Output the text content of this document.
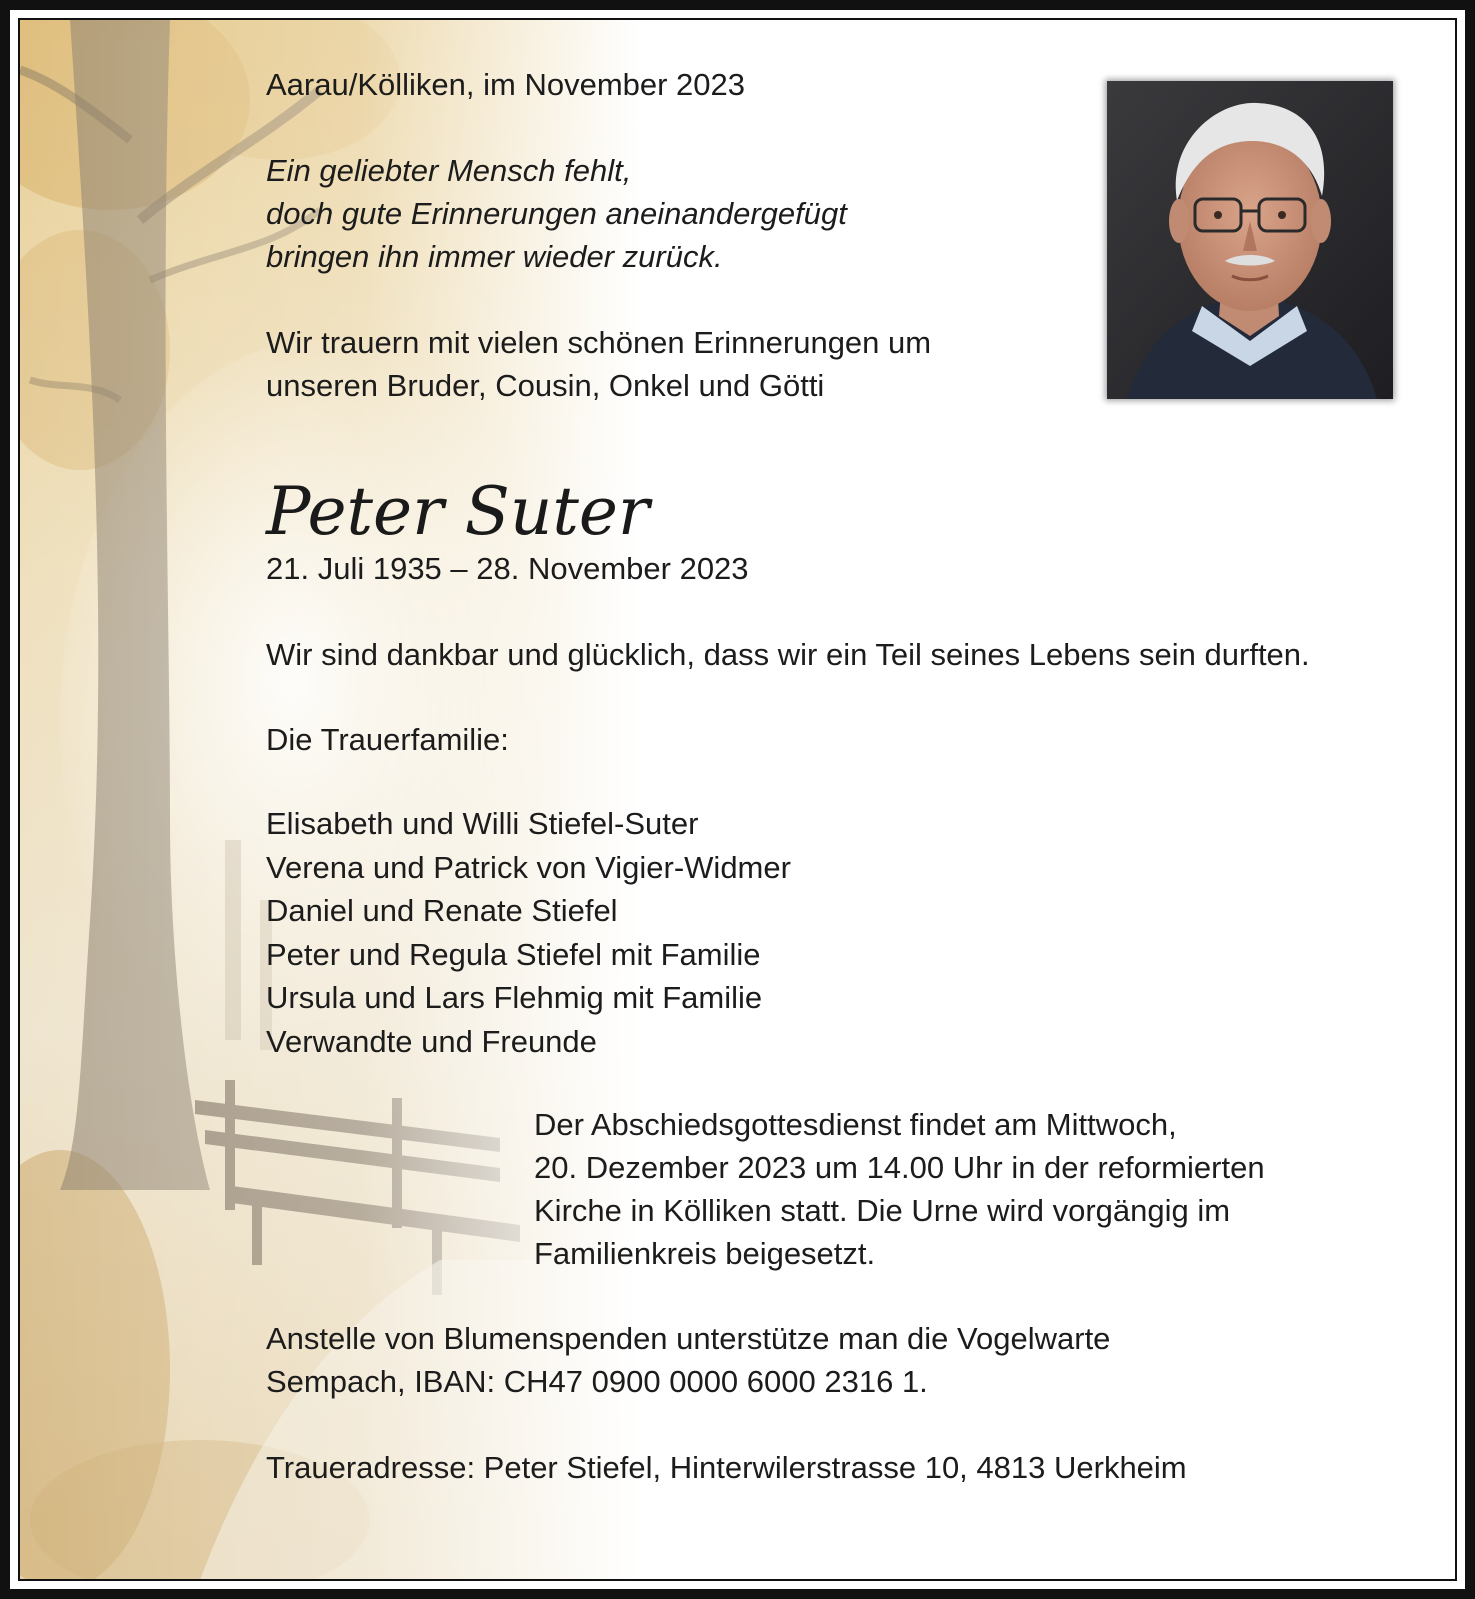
Aarau/Kölliken, im November 2023
Ein geliebter Mensch fehlt,
doch gute Erinnerungen aneinandergefügt
bringen ihn immer wieder zurück.
Wir trauern mit vielen schönen Erinnerungen um
unseren Bruder, Cousin, Onkel und Götti
Peter Suter
21. Juli 1935 – 28. November 2023
Wir sind dankbar und glücklich, dass wir ein Teil seines Lebens sein durften.
Die Trauerfamilie:
Elisabeth und Willi Stiefel-Suter
Verena und Patrick von Vigier-Widmer
Daniel und Renate Stiefel
Peter und Regula Stiefel mit Familie
Ursula und Lars Flehmig mit Familie
Verwandte und Freunde
Der Abschiedsgottesdienst findet am Mittwoch,
20. Dezember 2023 um 14.00 Uhr in der reformierten
Kirche in Kölliken statt. Die Urne wird vorgängig im
Familienkreis beigesetzt.
Anstelle von Blumenspenden unterstütze man die Vogelwarte
Sempach, IBAN: CH47 0900 0000 6000 2316 1.
Traueradresse: Peter Stiefel, Hinterwilerstrasse 10, 4813 Uerkheim
